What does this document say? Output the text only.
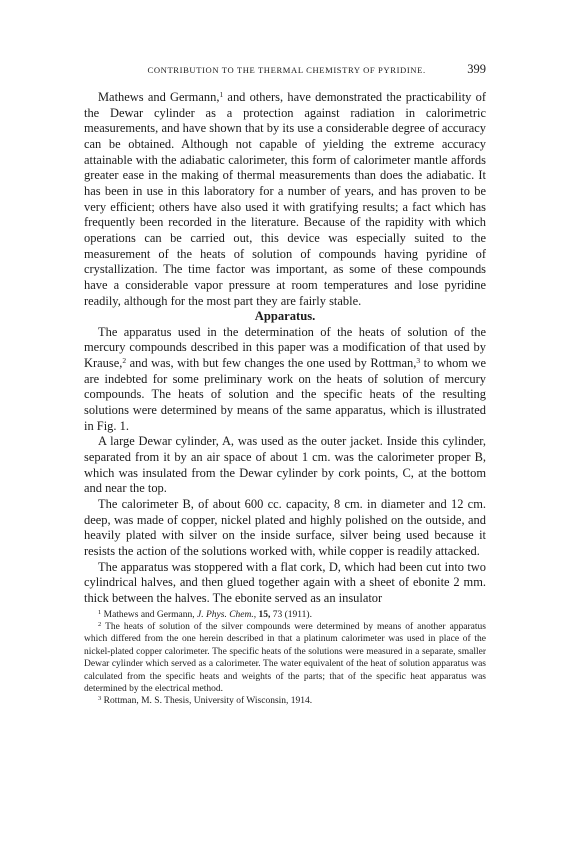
CONTRIBUTION TO THE THERMAL CHEMISTRY OF PYRIDINE.	399

Mathews and Germann,$^1$ and others, have demonstrated the practicability of the Dewar cylinder as a protection against radiation in calorimetric measurements, and have shown that by its use a considerable degree of accuracy can be obtained. Although not capable of yielding the extreme accuracy attainable with the adiabatic calorimeter, this form of calorimeter mantle affords greater ease in the making of thermal measurements than does the adiabatic. It has been in use in this laboratory for a number of years, and has proven to be very efficient; others have also used it with gratifying results; a fact which has frequently been recorded in the literature. Because of the rapidity with which operations can be carried out, this device was especially suited to the measurement of the heats of solution of compounds having pyridine of crystallization. The time factor was important, as some of these compounds have a considerable vapor pressure at room temperatures and lose pyridine readily, although for the most part they are fairly stable.

Apparatus.

The apparatus used in the determination of the heats of solution of the mercury compounds described in this paper was a modification of that used by Krause,$^2$ and was, with but few changes the one used by Rottman,$^3$ to whom we are indebted for some preliminary work on the heats of solution of mercury compounds. The heats of solution and the specific heats of the resulting solutions were determined by means of the same apparatus, which is illustrated in Fig. 1.

A large Dewar cylinder, A, was used as the outer jacket. Inside this cylinder, separated from it by an air space of about 1 cm. was the calorimeter proper B, which was insulated from the Dewar cylinder by cork points, C, at the bottom and near the top.

The calorimeter B, of about 600 cc. capacity, 8 cm. in diameter and 12 cm. deep, was made of copper, nickel plated and highly polished on the outside, and heavily plated with silver on the inside surface, silver being used because it resists the action of the solutions worked with, while copper is readily attacked.

The apparatus was stoppered with a flat cork, D, which had been cut into two cylindrical halves, and then glued together again with a sheet of ebonite 2 mm. thick between the halves. The ebonite served as an insulator

$^1$ Mathews and Germann, J. Phys. Chem., 15, 73 (1911).

$^2$ The heats of solution of the silver compounds were determined by means of another apparatus which differed from the one herein described in that a platinum calorimeter was used in place of the nickel-plated copper calorimeter. The specific heats of the solutions were measured in a separate, smaller Dewar cylinder which served as a calorimeter. The water equivalent of the heat of solution apparatus was calculated from the specific heats and weights of the parts; that of the specific heat apparatus was determined by the electrical method.

$^3$ Rottman, M. S. Thesis, University of Wisconsin, 1914.
